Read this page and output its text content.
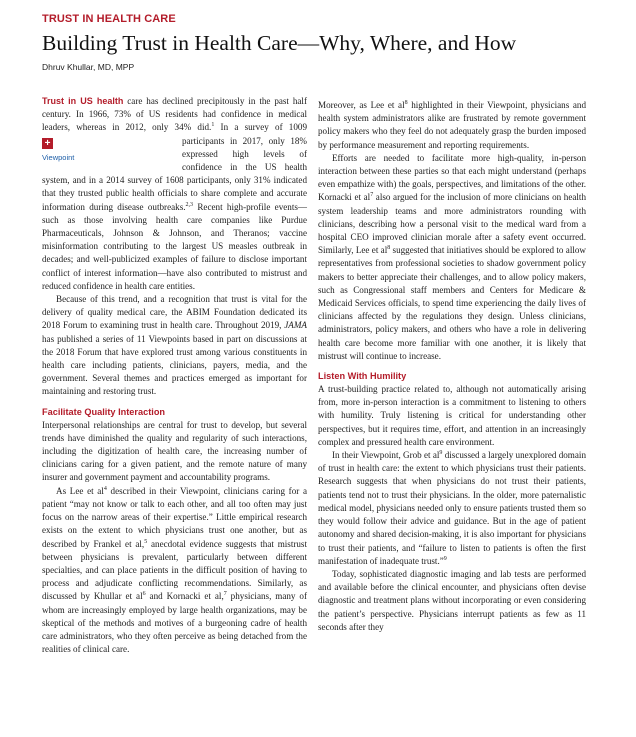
TRUST IN HEALTH CARE
Building Trust in Health Care—Why, Where, and How
Dhruv Khullar, MD, MPP

Trust in US health care has declined precipitously in the past half century. In 1966, 73% of US residents had confidence in medical leaders, whereas in 2012, only 34% did.$^1$
+
Viewpoint
In a survey of 1009 participants in 2017, only 18% expressed high levels of confidence in the US health system, and in a 2014 survey of 1608 participants, only 31% indicated that they trusted public health officials to share complete and accurate information during disease outbreaks.$^{2,3}$ Recent high-profile events—such as those involving health care companies like Purdue Pharmaceuticals, Johnson & Johnson, and Theranos; vaccine misinformation contributing to the largest US measles outbreak in decades; and well-publicized examples of failure to disclose important conflict of interest information—have also contributed to mistrust and reduced confidence in health care entities.

Because of this trend, and a recognition that trust is vital for the delivery of quality medical care, the ABIM Foundation dedicated its 2018 Forum to examining trust in health care. Throughout 2019, JAMA has published a series of 11 Viewpoints based in part on discussions at the 2018 Forum that have explored trust among various constituents in health care including patients, clinicians, payers, media, and the government. Several themes and practices emerged as important for maintaining and restoring trust.

Facilitate Quality Interaction

Interpersonal relationships are central for trust to develop, but several trends have diminished the quality and regularity of such interactions, including the digitization of health care, the increasing number of clinicians caring for a given patient, and the remote nature of many insurer and government payment and accountability programs.

As Lee et $al^4$ described in their Viewpoint, clinicians caring for a patient “may not know or talk to each other, and all too often may just focus on the narrow areas of their expertise.” Little empirical research exists on the extent to which physicians trust one another, but as described by Frankel et al,$^5$ anecdotal evidence suggests that mistrust between physicians is prevalent, particularly between different specialties, and can place patients in the difficult position of having to process and adjudicate conflicting recommendations. Similarly, as discussed by Khullar et $al^6$ and Kornacki et al,$^7$ physicians, many of whom are increasingly employed by large health organizations, may be skeptical of the methods and motives of a burgeoning cadre of health care administrators, who they often perceive as being detached from the realities of clinical care.

Moreover, as Lee et $al^8$ highlighted in their Viewpoint, physicians and health system administrators alike are frustrated by remote government policy makers who they feel do not adequately grasp the burden imposed by performance measurement and reporting requirements.

Efforts are needed to facilitate more high-quality, in-person interaction between these parties so that each might understand (perhaps even empathize with) the goals, perspectives, and limitations of the other. Kornacki et $al^7$ also argued for the inclusion of more clinicians on health system leadership teams and more administrators rounding with clinicians, describing how a personal visit to the medical ward from a hospital CEO improved clinician morale after a safety event occurred. Similarly, Lee et $al^8$ suggested that initiatives should be explored to allow representatives from professional societies to shadow government policy makers to better appreciate their challenges, and to allow policy makers, such as Congressional staff members and Centers for Medicare & Medicaid Services officials, to spend time experiencing the daily lives of clinicians affected by the regulations they design. Unless clinicians, administrators, policy makers, and others who have a role in delivering health care become more familiar with one another, it is likely that mistrust will continue to increase.

Listen With Humility

A trust-building practice related to, although not automatically arising from, more in-person interaction is a commitment to listening to others with humility. Truly listening is critical for understanding other perspectives, but it requires time, effort, and attention in an increasingly complex and pressured health care environment.

In their Viewpoint, Grob et $al^9$ discussed a largely unexplored domain of trust in health care: the extent to which physicians trust their patients. Research suggests that when physicians do not trust their patients, patients tend not to trust their physicians. In the older, more paternalistic medical model, physicians needed only to ensure patients trusted them so they would follow their advice and guidance. But in the age of patient autonomy and shared decision-making, it is also important for physicians to trust their patients, and “failure to listen to patients is often the first manifestation of inadequate trust.”$^9$

Today, sophisticated diagnostic imaging and lab tests are performed and available before the clinical encounter, and physicians often devise diagnostic and treatment plans without incorporating or even considering the patient’s perspective. Physicians interrupt patients as few as 11 seconds after they
